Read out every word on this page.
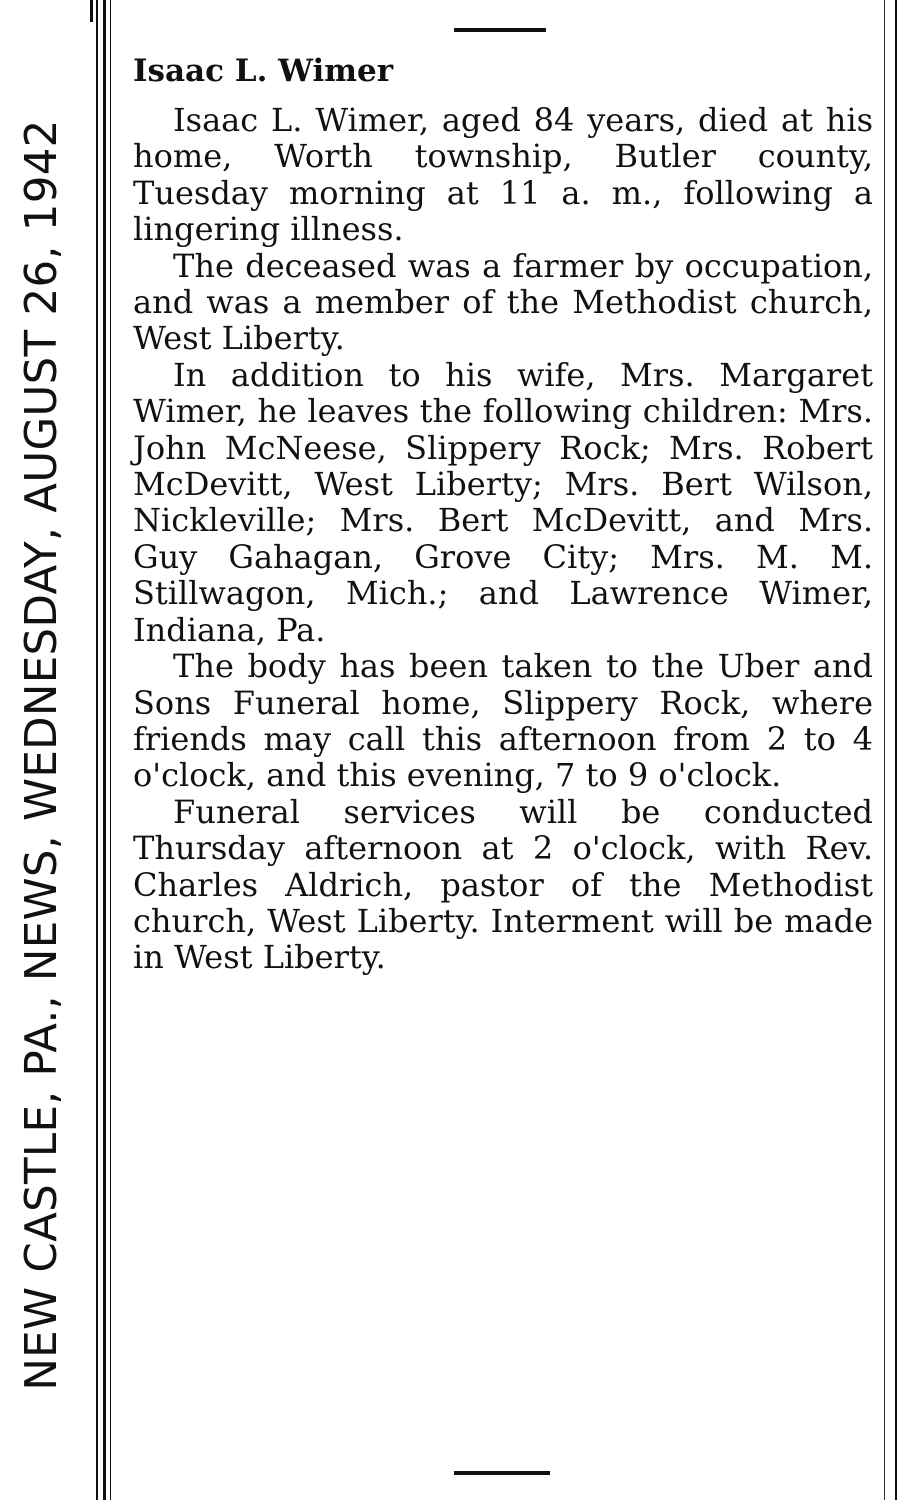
NEW CASTLE, PA., NEWS, WEDNESDAY, AUGUST 26, 1942
Isaac L. Wimer

Isaac L. Wimer, aged 84 years, died at his home, Worth township, Butler county, Tuesday morning at 11 a. m., following a lingering illness.

The deceased was a farmer by occupation, and was a member of the Methodist church, West Liberty.

In addition to his wife, Mrs. Margaret Wimer, he leaves the following children: Mrs. John McNeese, Slippery Rock; Mrs. Robert McDevitt, West Liberty; Mrs. Bert Wilson, Nickleville; Mrs. Bert McDevitt, and Mrs. Guy Gahagan, Grove City; Mrs. M. M. Stillwagon, Mich.; and Lawrence Wimer, Indiana, Pa.

The body has been taken to the Uber and Sons Funeral home, Slippery Rock, where friends may call this afternoon from 2 to 4 o'clock, and this evening, 7 to 9 o'clock.

Funeral services will be conducted Thursday afternoon at 2 o'clock, with Rev. Charles Aldrich, pastor of the Methodist church, West Liberty. Interment will be made in West Liberty.
